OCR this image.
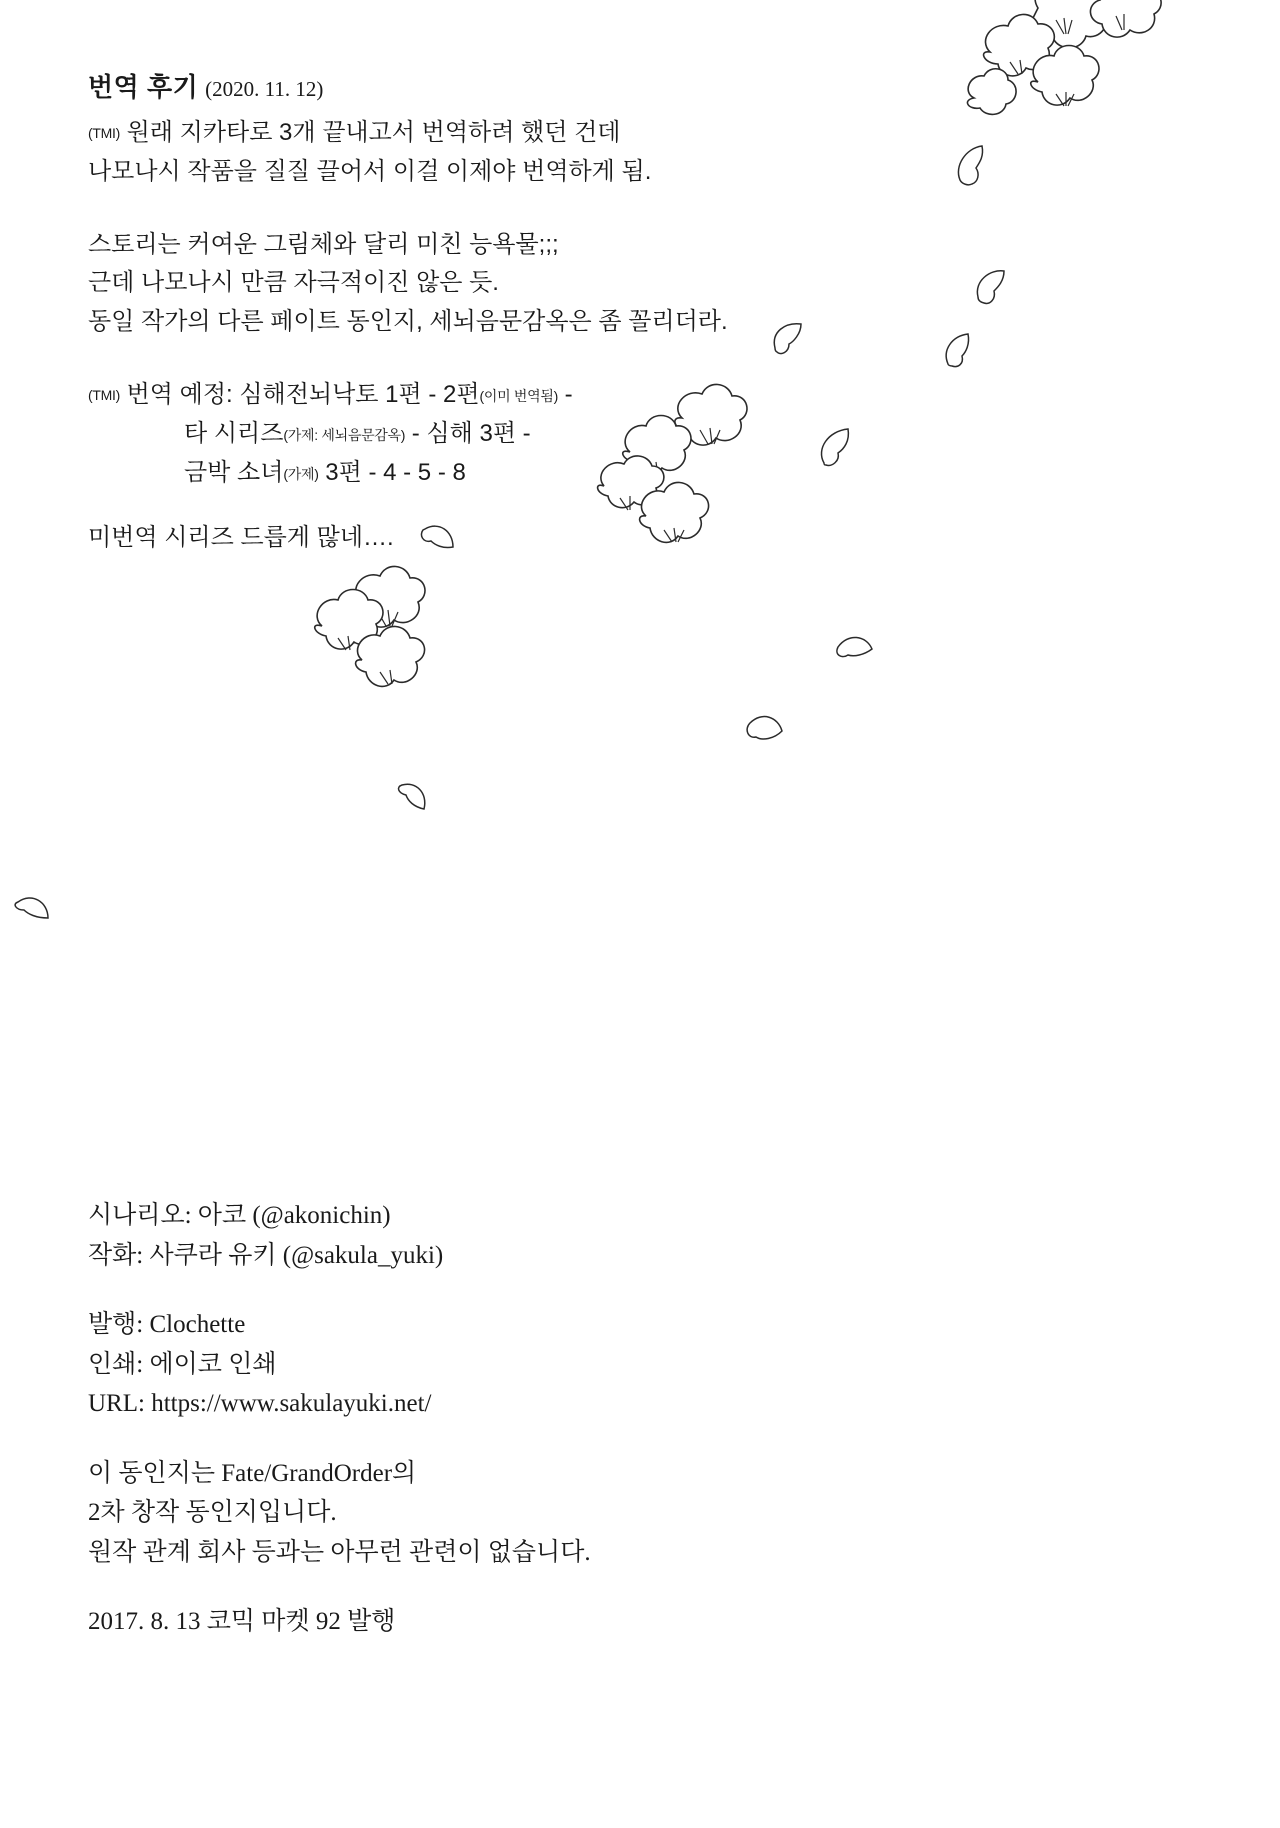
번역 후기 (2020. 11. 12)
(TMI) 원래 지카타로 3개 끝내고서 번역하려 했던 건데
나모나시 작품을 질질 끌어서 이걸 이제야 번역하게 됨.
스토리는 커여운 그림체와 달리 미친 능욕물;;;
근데 나모나시 만큼 자극적이진 않은 듯.
동일 작가의 다른 페이트 동인지, 세뇌음문감옥은 좀 꼴리더라.
(TMI) 번역 예정: 심해전뇌낙토 1편 - 2편(이미 번역됨) -
타 시리즈(가제: 세뇌음문감옥) - 심해 3편 -
금박 소녀(가제) 3편 - 4 - 5 - 8
미번역 시리즈 드릅게 많네….
시나리오: 아코 (@akonichin)
작화: 사쿠라 유키 (@sakula_yuki)
발행: Clochette
인쇄: 에이코 인쇄
URL: https://www.sakulayuki.net/
이 동인지는 Fate/GrandOrder의
2차 창작 동인지입니다.
원작 관계 회사 등과는 아무런 관련이 없습니다.
2017. 8. 13 코믹 마켓 92 발행
